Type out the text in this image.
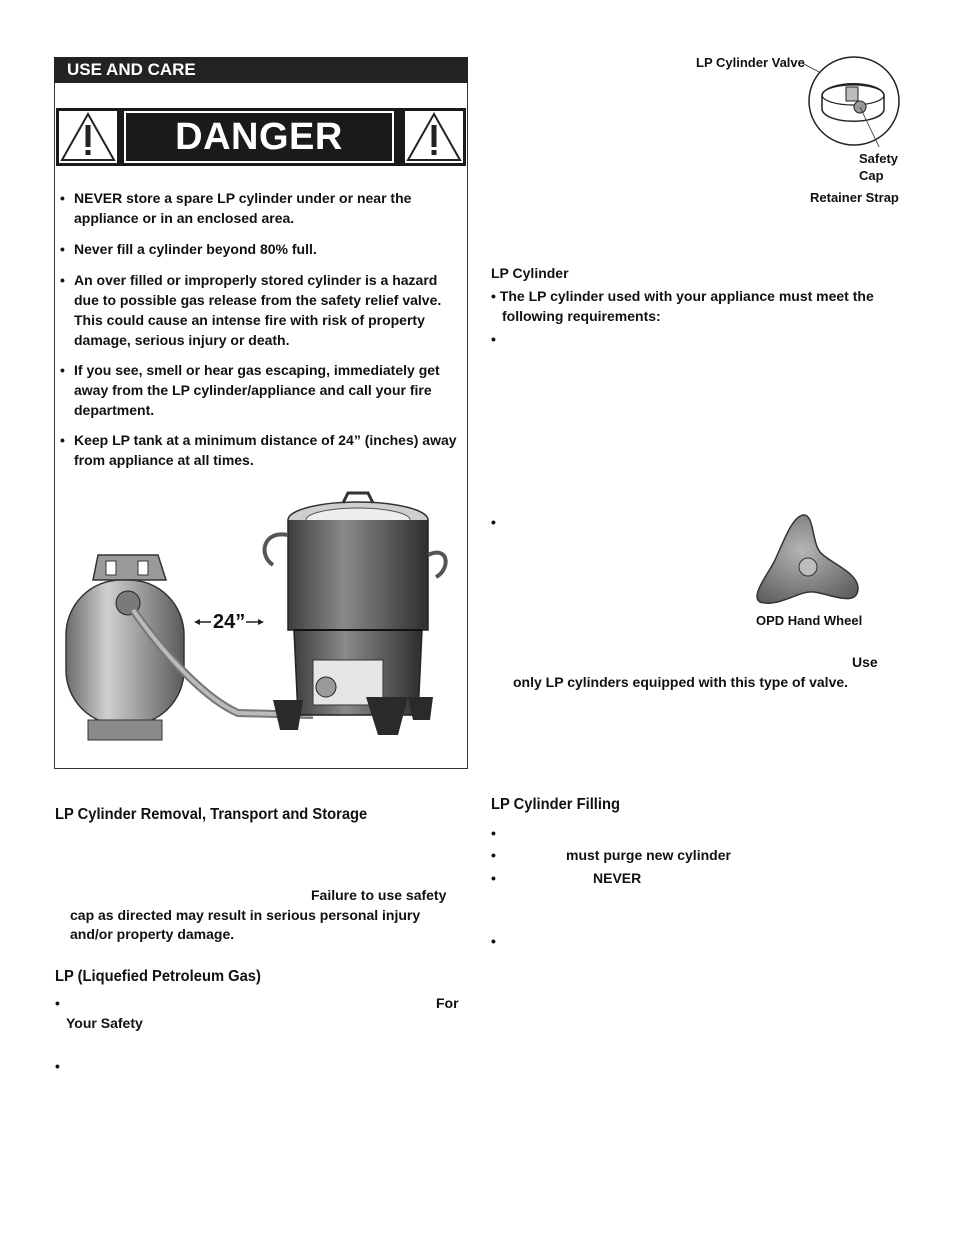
USE AND CARE
DANGER
• NEVER store a spare LP cylinder under or near the appliance or in an enclosed area.
• Never fill a cylinder beyond 80% full.
• An over filled or improperly stored cylinder is a hazard due to possible gas release from the safety relief valve. This could cause an intense fire with risk of property damage, serious injury or death.
• If you see, smell or hear gas escaping, immediately get away from the LP cylinder/appliance and call your fire department.
• Keep LP tank at a minimum distance of 24” (inches) away from appliance at all times.
24”
LP Cylinder Valve
Safety
Cap
Retainer Strap
LP Cylinder
• The LP cylinder used with your appliance must meet the
following requirements:
•
•
OPD Hand Wheel
Use
only LP cylinders equipped with this type of valve.
LP Cylinder Removal, Transport and Storage
Failure to use safety
cap as directed may result in serious personal injury
and/or property damage.
LP (Liquefied Petroleum Gas)
•	For
Your Safety
•
LP Cylinder Filling
•
•	must purge new cylinder
•	NEVER
•
